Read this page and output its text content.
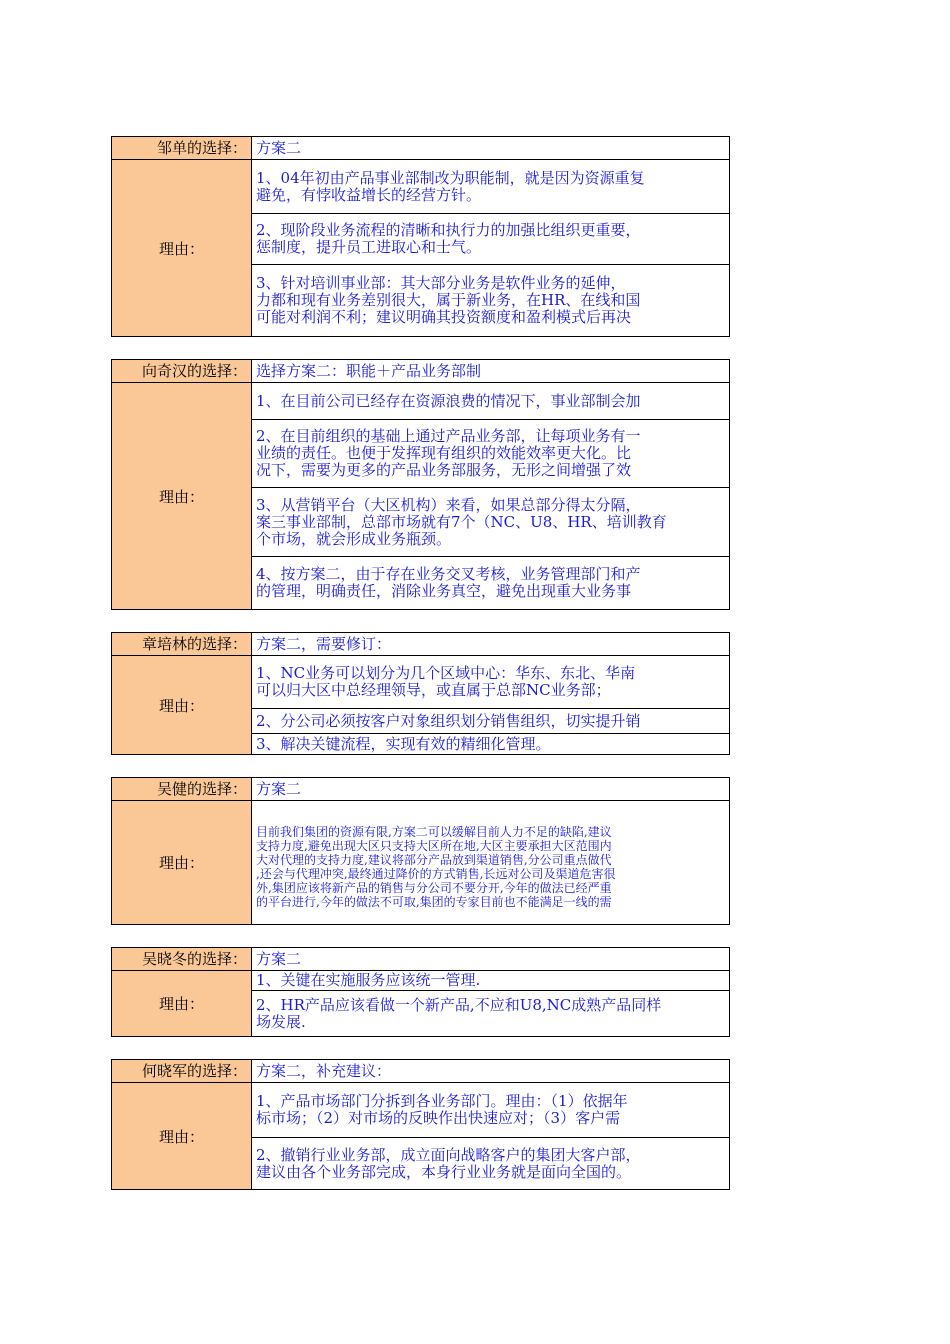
邹单的选择： 方案二
理由：
1、04年初由产品事业部制改为职能制，就是因为资源重复
避免，有悖收益增长的经营方针。
2、现阶段业务流程的清晰和执行力的加强比组织更重要，
惩制度，提升员工进取心和士气。
3、针对培训事业部：其大部分业务是软件业务的延伸，
力都和现有业务差别很大，属于新业务，在HR、在线和国
可能对利润不利；建议明确其投资额度和盈利模式后再决
向奇汉的选择： 选择方案二：职能＋产品业务部制
理由：
1、在目前公司已经存在资源浪费的情况下，事业部制会加
2、在目前组织的基础上通过产品业务部，让每项业务有一
业绩的责任。也便于发挥现有组织的效能效率更大化。比
况下，需要为更多的产品业务部服务，无形之间增强了效
3、从营销平台（大区机构）来看，如果总部分得太分隔，
案三事业部制，总部市场就有7个（NC、U8、HR、培训教育
个市场，就会形成业务瓶颈。
4、按方案二，由于存在业务交叉考核，业务管理部门和产
的管理，明确责任，消除业务真空，避免出现重大业务事
章培林的选择： 方案二，需要修订：
理由：
1、NC业务可以划分为几个区域中心：华东、东北、华南
可以归大区中总经理领导，或直属于总部NC业务部；
2、分公司必须按客户对象组织划分销售组织，切实提升销
3、解决关键流程，实现有效的精细化管理。
吴健的选择： 方案二
理由：
目前我们集团的资源有限,方案二可以缓解目前人力不足的缺陷,建议
支持力度,避免出现大区只支持大区所在地,大区主要承担大区范围内
大对代理的支持力度,建议将部分产品放到渠道销售,分公司重点做代
,还会与代理冲突,最终通过降价的方式销售,长远对公司及渠道危害很
外,集团应该将新产品的销售与分公司不要分开,今年的做法已经严重
的平台进行,今年的做法不可取,集团的专家目前也不能满足一线的需
吴晓冬的选择： 方案二
理由：
1、关键在实施服务应该统一管理.
2、HR产品应该看做一个新产品,不应和U8,NC成熟产品同样
场发展.
何晓军的选择： 方案二，补充建议：
理由：
1、产品市场部门分拆到各业务部门。理由：（1）依据年
标市场；（2）对市场的反映作出快速应对；（3）客户需
2、撤销行业业务部，成立面向战略客户的集团大客户部，
建议由各个业务部完成，本身行业业务就是面向全国的。
